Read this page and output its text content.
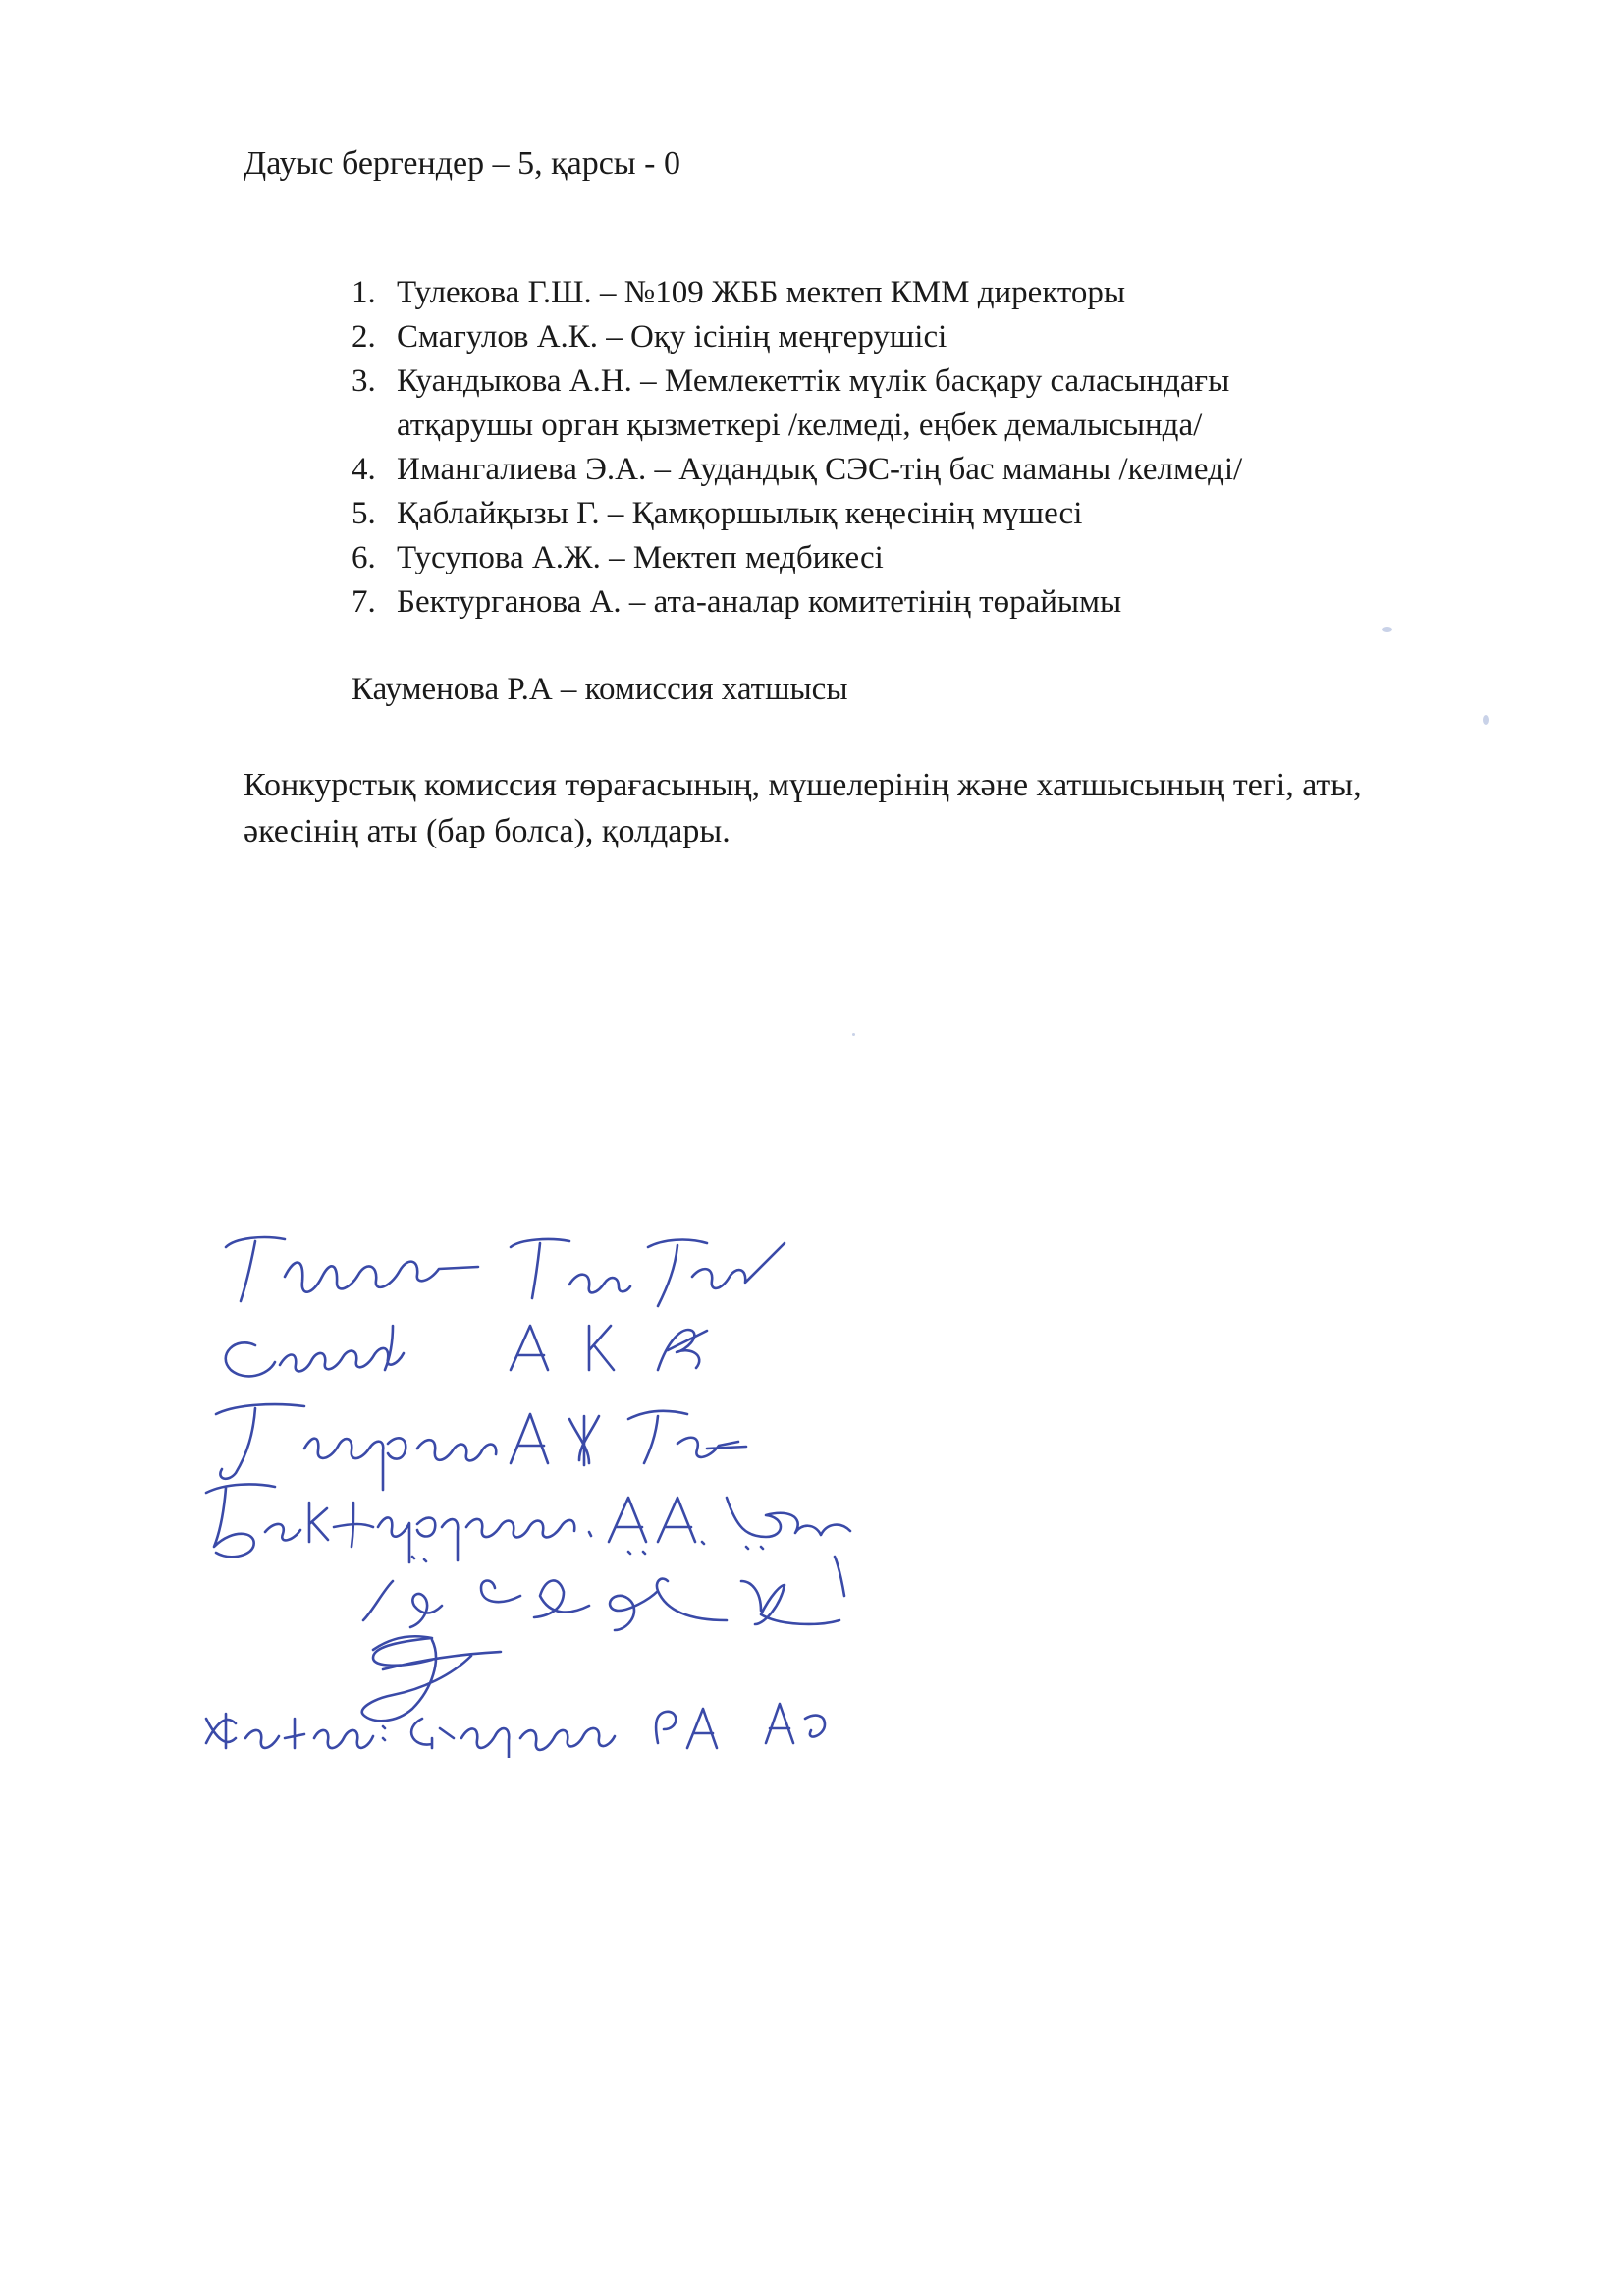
Дауыс бергендер – 5, қарсы - 0
1. Тулекова Г.Ш. – №109 ЖББ мектеп КММ директоры
2. Смагулов А.К. – Оқу ісінің меңгерушісі
3. Куандыкова А.Н. – Мемлекеттік мүлік басқару саласындағы
атқарушы орган қызметкері /келмеді, еңбек демалысында/
4. Имангалиева Э.А. – Аудандық СЭС-тің бас маманы /келмеді/
5. Қаблайқызы Г. – Қамқоршылық кеңесінің мүшесі
6. Тусупова А.Ж. – Мектеп медбикесі
7. Бектурганова А. – ата-аналар комитетінің төрайымы
Кауменова Р.А – комиссия хатшысы
Конкурстық комиссия төрағасының, мүшелерінің және хатшысының тегі, аты, әкесінің аты (бар болса), қолдары.
